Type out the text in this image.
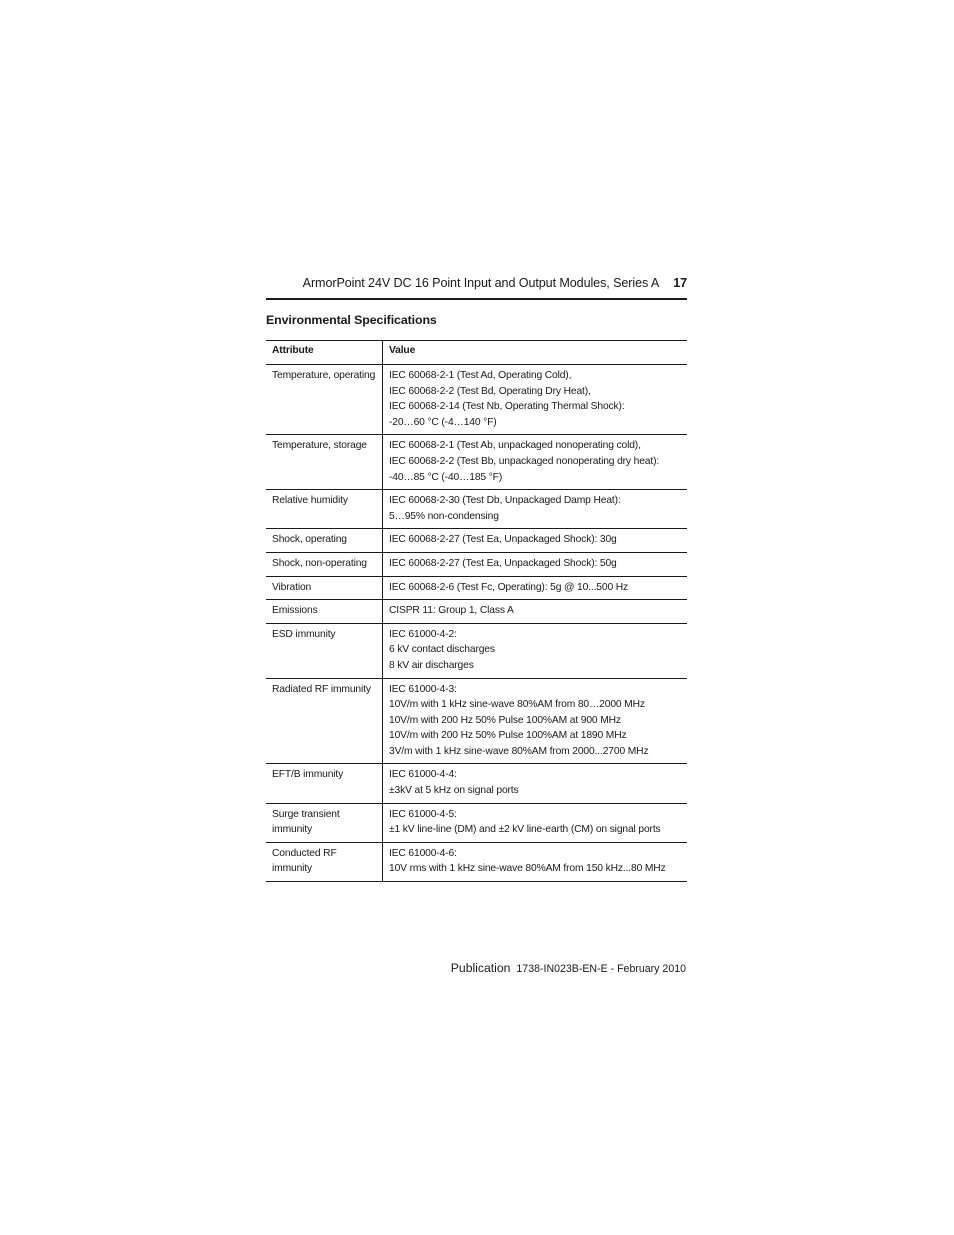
ArmorPoint 24V DC 16 Point Input and Output Modules, Series A 17
Environmental Specifications
Attribute	Value

Temperature, operating	IEC 60068-2-1 (Test Ad, Operating Cold),
IEC 60068-2-2 (Test Bd, Operating Dry Heat),
IEC 60068-2-14 (Test Nb, Operating Thermal Shock):
-20…60 °C (-4…140 °F)

Temperature, storage	IEC 60068-2-1 (Test Ab, unpackaged nonoperating cold),
IEC 60068-2-2 (Test Bb, unpackaged nonoperating dry heat):
-40…85 °C (-40…185 °F)

Relative humidity	IEC 60068-2-30 (Test Db, Unpackaged Damp Heat):
5…95% non-condensing

Shock, operating	IEC 60068-2-27 (Test Ea, Unpackaged Shock): 30g

Shock, non-operating	IEC 60068-2-27 (Test Ea, Unpackaged Shock): 50g

Vibration	IEC 60068-2-6 (Test Fc, Operating): 5g @ 10...500 Hz

Emissions	CISPR 11: Group 1, Class A

ESD immunity	IEC 61000-4-2:
6 kV contact discharges
8 kV air discharges

Radiated RF immunity	IEC 61000-4-3:
10V/m with 1 kHz sine-wave 80%AM from 80…2000 MHz
10V/m with 200 Hz 50% Pulse 100%AM at 900 MHz
10V/m with 200 Hz 50% Pulse 100%AM at 1890 MHz
3V/m with 1 kHz sine-wave 80%AM from 2000...2700 MHz

EFT/B immunity	IEC 61000-4-4:
±3kV at 5 kHz on signal ports

Surge transient
immunity	IEC 61000-4-5:
±1 kV line-line (DM) and ±2 kV line-earth (CM) on signal ports

Conducted RF
immunity	IEC 61000-4-6:
10V rms with 1 kHz sine-wave 80%AM from 150 kHz...80 MHz
Publication 1738-IN023B-EN-E - February 2010
